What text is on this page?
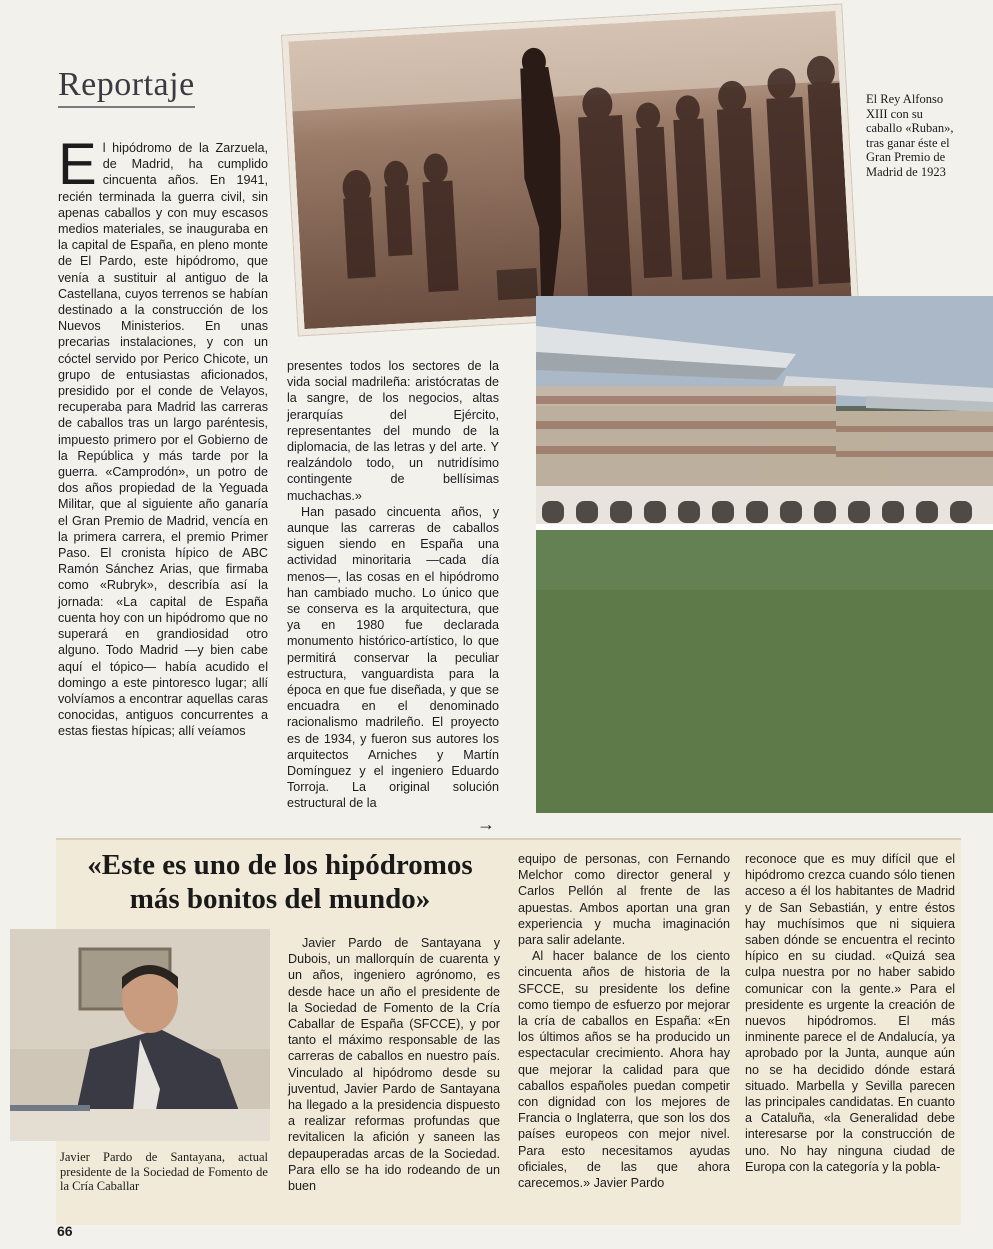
Reportaje	El Rey Alfonso XIII con su caballo «Ruban», tras ganar éste el Gran Premio de Madrid de 1923

El hipódromo de la Zarzuela, de Madrid, ha cumplido cincuenta años. En 1941, recién terminada la guerra civil, sin apenas caballos y con muy escasos medios materiales, se inauguraba en la capital de España, en pleno monte de El Pardo, este hipódromo, que venía a sustituir al antiguo de la Castellana, cuyos terrenos se habían destinado a la construcción de los Nuevos Ministerios. En unas precarias instalaciones, y con un cóctel servido por Perico Chicote, un grupo de entusiastas aficionados, presidido por el conde de Velayos, recuperaba para Madrid las carreras de caballos tras un largo paréntesis, impuesto primero por el Gobierno de la República y más tarde por la guerra. «Camprodón», un potro de dos años propiedad de la Yeguada Militar, que al siguiente año ganaría el Gran Premio de Madrid, vencía en la primera carrera, el premio Primer Paso. El cronista hípico de ABC Ramón Sánchez Arias, que firmaba como «Rubryk», describía así la jornada: «La capital de España cuenta hoy con un hipódromo que no superará en grandiosidad otro alguno. Todo Madrid —y bien cabe aquí el tópico— había acudido el domingo a este pintoresco lugar; allí volvíamos a encontrar aquellas caras conocidas, antiguos concurrentes a estas fiestas hípicas; allí veíamos

presentes todos los sectores de la vida social madrileña: aristócratas de la sangre, de los negocios, altas jerarquías del Ejército, representantes del mundo de la diplomacia, de las letras y del arte. Y realzándolo todo, un nutridísimo contingente de bellísimas muchachas.»

Han pasado cincuenta años, y aunque las carreras de caballos siguen siendo en España una actividad minoritaria —cada día menos—, las cosas en el hipódromo han cambiado mucho. Lo único que se conserva es la arquitectura, que ya en 1980 fue declarada monumento histórico-artístico, lo que permitirá conservar la peculiar estructura, vanguardista para la época en que fue diseñada, y que se encuadra en el denominado racionalismo madrileño. El proyecto es de 1934, y fueron sus autores los arquitectos Arniches y Martín Domínguez y el ingeniero Eduardo Torroja. La original solución estructural de la

→
«Este es uno de los hipódromos
más bonitos del mundo»
Javier Pardo de Santayana, actual presidente de la Sociedad de Fomento de la Cría Caballar

Javier Pardo de Santayana y Dubois, un mallorquín de cuarenta y un años, ingeniero agrónomo, es desde hace un año el presidente de la Sociedad de Fomento de la Cría Caballar de España (SFCCE), y por tanto el máximo responsable de las carreras de caballos en nuestro país. Vinculado al hipódromo desde su juventud, Javier Pardo de Santayana ha llegado a la presidencia dispuesto a realizar reformas profundas que revitalicen la afición y saneen las depauperadas arcas de la Sociedad. Para ello se ha ido rodeando de un buen

equipo de personas, con Fernando Melchor como director general y Carlos Pellón al frente de las apuestas. Ambos aportan una gran experiencia y mucha imaginación para salir adelante.

Al hacer balance de los ciento cincuenta años de historia de la SFCCE, su presidente los define como tiempo de esfuerzo por mejorar la cría de caballos en España: «En los últimos años se ha producido un espectacular crecimiento. Ahora hay que mejorar la calidad para que caballos españoles puedan competir con dignidad con los mejores de Francia o Inglaterra, que son los dos países europeos con mejor nivel. Para esto necesitamos ayudas oficiales, de las que ahora carecemos.» Javier Pardo

reconoce que es muy difícil que el hipódromo crezca cuando sólo tienen acceso a él los habitantes de Madrid y de San Sebastián, y entre éstos hay muchísimos que ni siquiera saben dónde se encuentra el recinto hípico en su ciudad. «Quizá sea culpa nuestra por no haber sabido comunicar con la gente.» Para el presidente es urgente la creación de nuevos hipódromos. El más inminente parece el de Andalucía, ya aprobado por la Junta, aunque aún no se ha decidido dónde estará situado. Marbella y Sevilla parecen las principales candidatas. En cuanto a Cataluña, «la Generalidad debe interesarse por la construcción de uno. No hay ninguna ciudad de Europa con la categoría y la pobla-

66
